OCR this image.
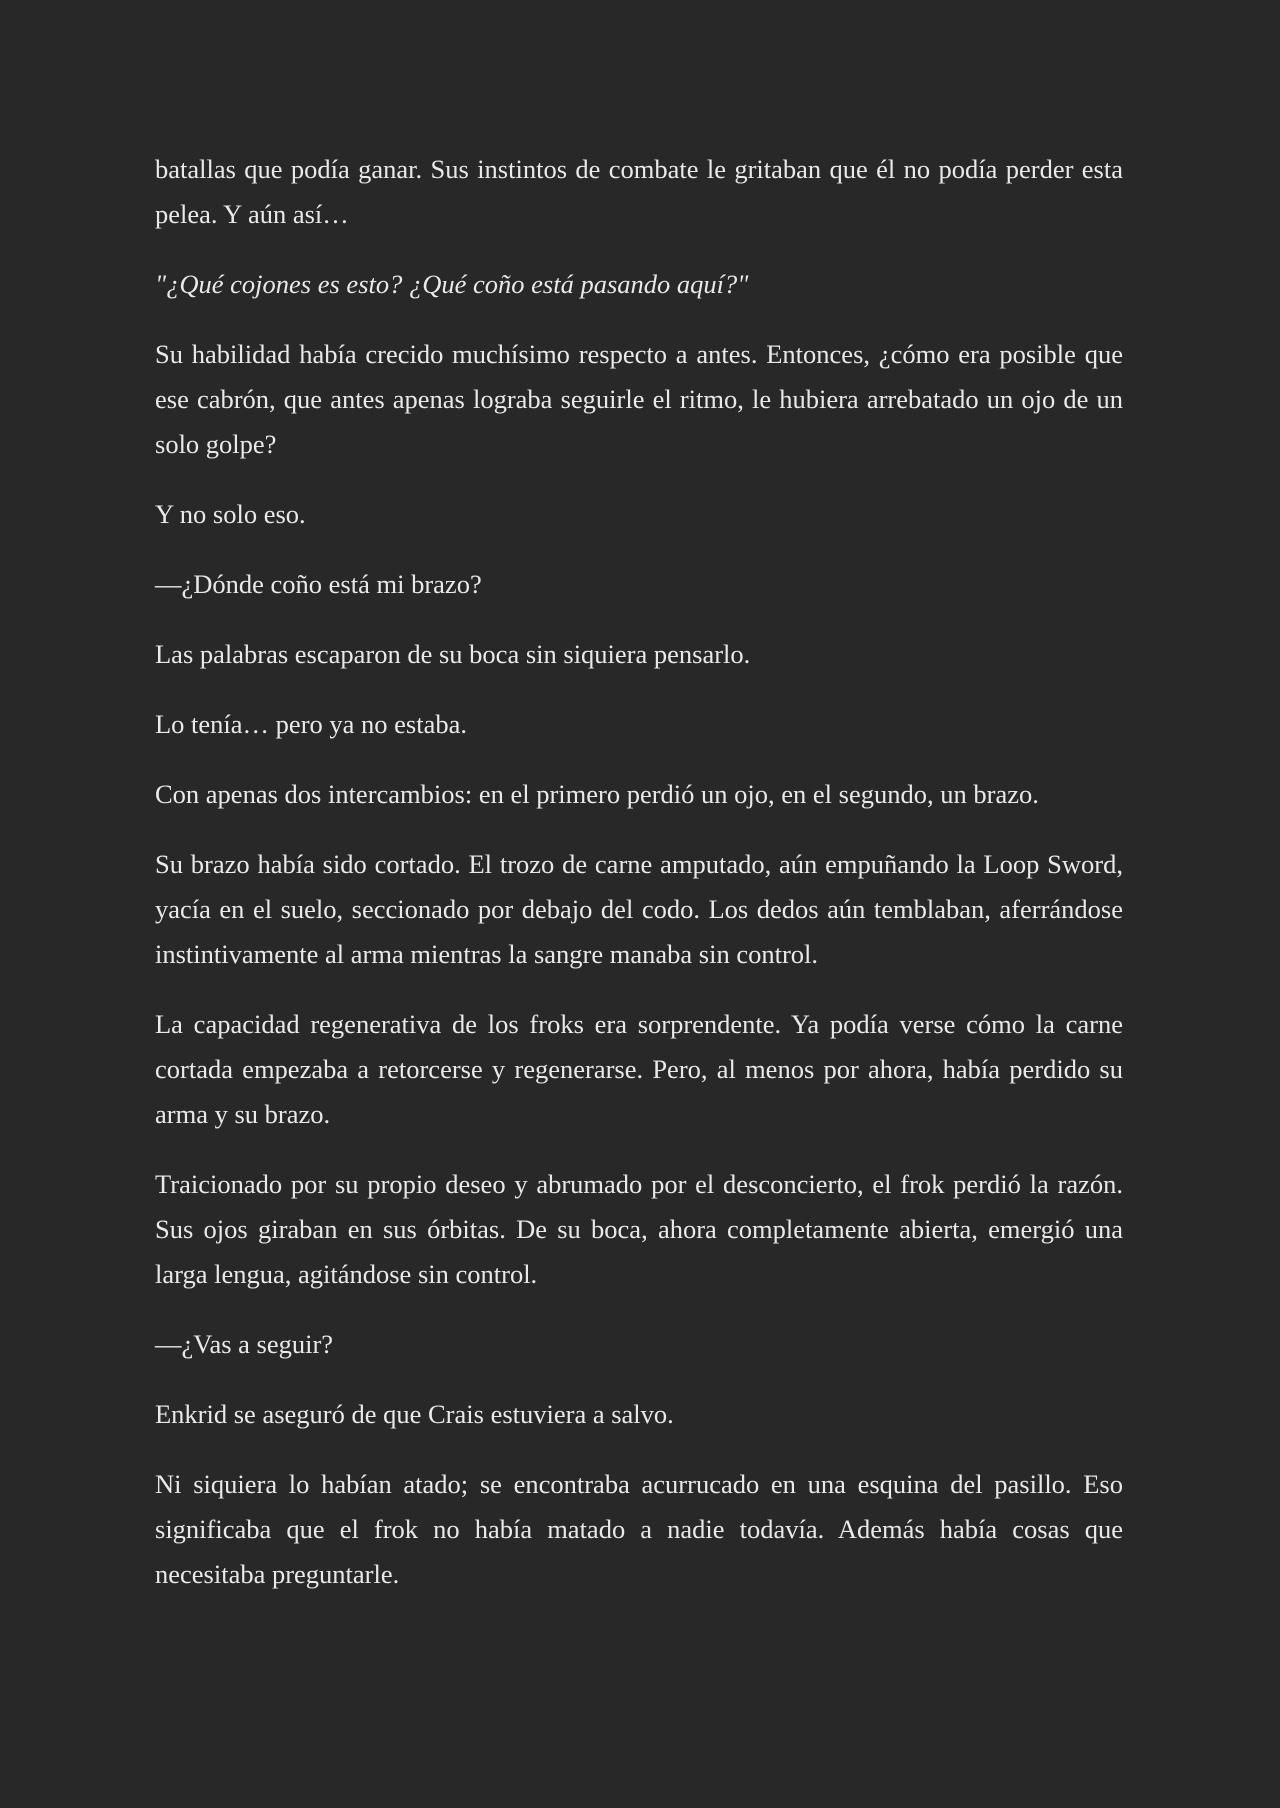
batallas que podía ganar. Sus instintos de combate le gritaban que él no podía perder esta pelea. Y aún así…

"¿Qué cojones es esto? ¿Qué coño está pasando aquí?"

Su habilidad había crecido muchísimo respecto a antes. Entonces, ¿cómo era posible que ese cabrón, que antes apenas lograba seguirle el ritmo, le hubiera arrebatado un ojo de un solo golpe?

Y no solo eso.

—¿Dónde coño está mi brazo?

Las palabras escaparon de su boca sin siquiera pensarlo.

Lo tenía… pero ya no estaba.

Con apenas dos intercambios: en el primero perdió un ojo, en el segundo, un brazo.

Su brazo había sido cortado. El trozo de carne amputado, aún empuñando la Loop Sword, yacía en el suelo, seccionado por debajo del codo. Los dedos aún temblaban, aferrándose instintivamente al arma mientras la sangre manaba sin control.

La capacidad regenerativa de los froks era sorprendente. Ya podía verse cómo la carne cortada empezaba a retorcerse y regenerarse. Pero, al menos por ahora, había perdido su arma y su brazo.

Traicionado por su propio deseo y abrumado por el desconcierto, el frok perdió la razón. Sus ojos giraban en sus órbitas. De su boca, ahora completamente abierta, emergió una larga lengua, agitándose sin control.

—¿Vas a seguir?

Enkrid se aseguró de que Crais estuviera a salvo.

Ni siquiera lo habían atado; se encontraba acurrucado en una esquina del pasillo. Eso significaba que el frok no había matado a nadie todavía. Además había cosas que necesitaba preguntarle.
